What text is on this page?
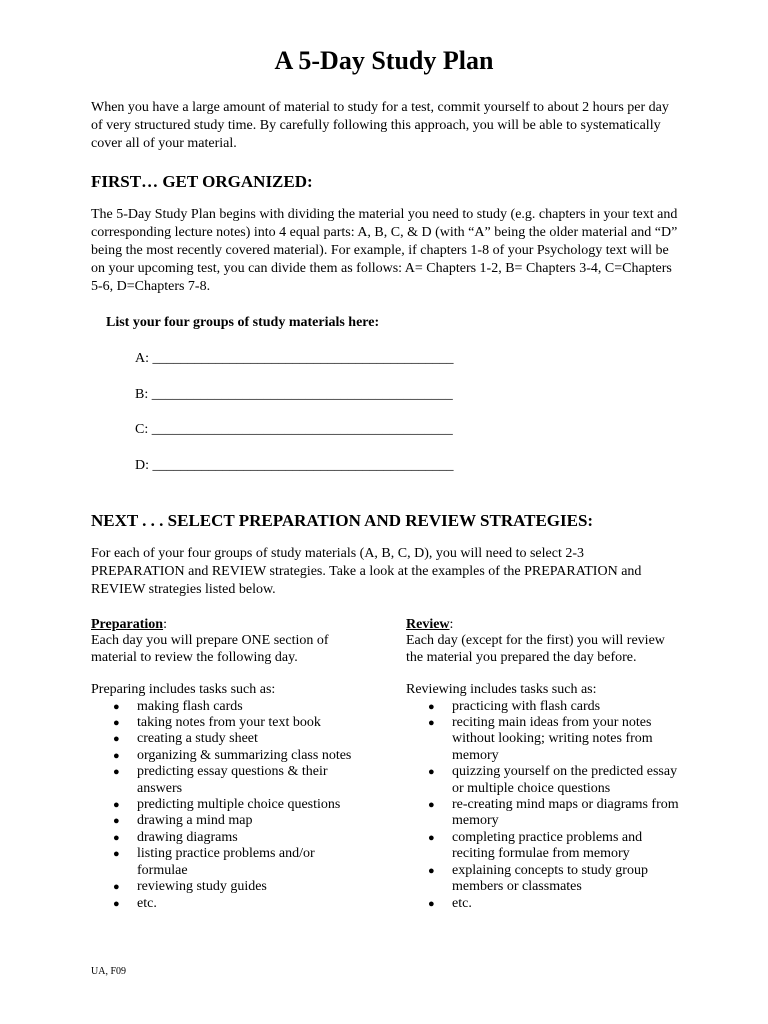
A 5-Day Study Plan
When you have a large amount of material to study for a test, commit yourself to about 2 hours per day of very structured study time. By carefully following this approach, you will be able to systematically cover all of your material.
FIRST… GET ORGANIZED:
The 5-Day Study Plan begins with dividing the material you need to study (e.g. chapters in your text and corresponding lecture notes) into 4 equal parts: A, B, C, & D (with “A” being the older material and “D” being the most recently covered material). For example, if chapters 1-8 of your Psychology text will be on your upcoming test, you can divide them as follows: A= Chapters 1-2, B= Chapters 3-4, C=Chapters 5-6, D=Chapters 7-8.
List your four groups of study materials here:
A: ___________________________________________
B: ___________________________________________
C: ___________________________________________
D: ___________________________________________
NEXT . . . SELECT PREPARATION AND REVIEW STRATEGIES:
For each of your four groups of study materials (A, B, C, D), you will need to select 2-3 PREPARATION and REVIEW strategies. Take a look at the examples of the PREPARATION and REVIEW strategies listed below.
Preparation:
Each day you will prepare ONE section of
material to review the following day.
Preparing includes tasks such as:
● making flash cards
● taking notes from your text book
● creating a study sheet
● organizing & summarizing class notes
● predicting essay questions & their
answers
● predicting multiple choice questions
● drawing a mind map
● drawing diagrams
● listing practice problems and/or
formulae
● reviewing study guides
● etc.
Review:
Each day (except for the first) you will review
the material you prepared the day before.
Reviewing includes tasks such as:
● practicing with flash cards
● reciting main ideas from your notes
without looking; writing notes from
memory
● quizzing yourself on the predicted essay
or multiple choice questions
● re-creating mind maps or diagrams from
memory
● completing practice problems and
reciting formulae from memory
● explaining concepts to study group
members or classmates
● etc.
UA, F09
